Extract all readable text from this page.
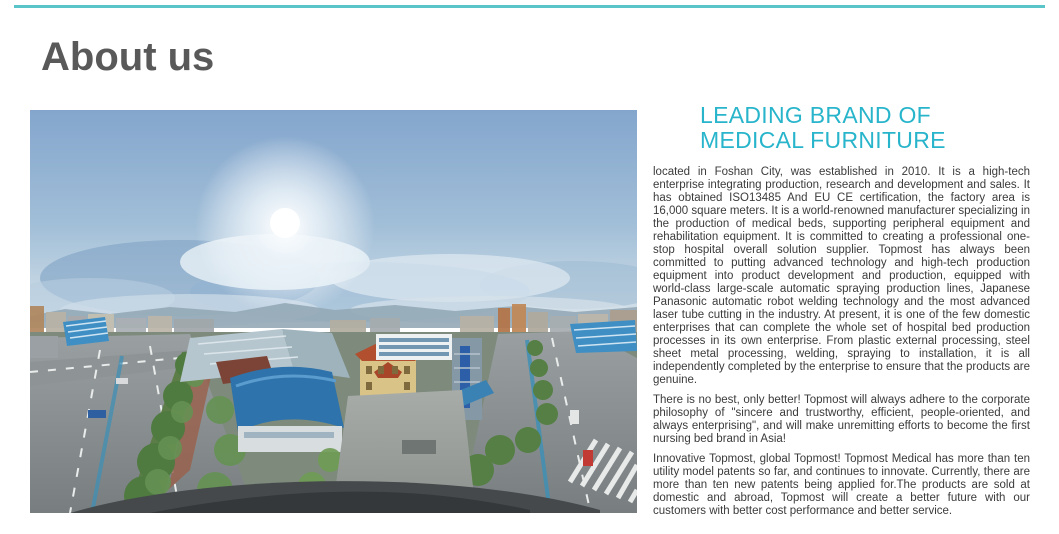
About us
LEADING BRAND OF
MEDICAL FURNITURE

located in Foshan City, was established in 2010. It is a high-tech enterprise integrating production, research and development and sales. It has obtained ISO13485 And EU CE certification, the factory area is 16,000 square meters. It is a world-renowned manufacturer specializing in the production of medical beds, supporting peripheral equipment and rehabilitation equipment. It is committed to creating a professional one-stop hospital overall solution supplier. Topmost has always been committed to putting advanced technology and high-tech production equipment into product development and production, equipped with world-class large-scale automatic spraying production lines, Japanese Panasonic automatic robot welding technology and the most advanced laser tube cutting in the industry. At present, it is one of the few domestic enterprises that can complete the whole set of hospital bed production processes in its own enterprise. From plastic external processing, steel sheet metal processing, welding, spraying to installation, it is all independently completed by the enterprise to ensure that the products are genuine.

There is no best, only better! Topmost will always adhere to the corporate philosophy of "sincere and trustworthy, efficient, people-oriented, and always enterprising", and will make unremitting efforts to become the first nursing bed brand in Asia!

Innovative Topmost, global Topmost! Topmost Medical has more than ten utility model patents so far, and continues to innovate. Currently, there are more than ten new patents being applied for.The products are sold at domestic and abroad, Topmost will create a better future with our customers with better cost performance and better service.
